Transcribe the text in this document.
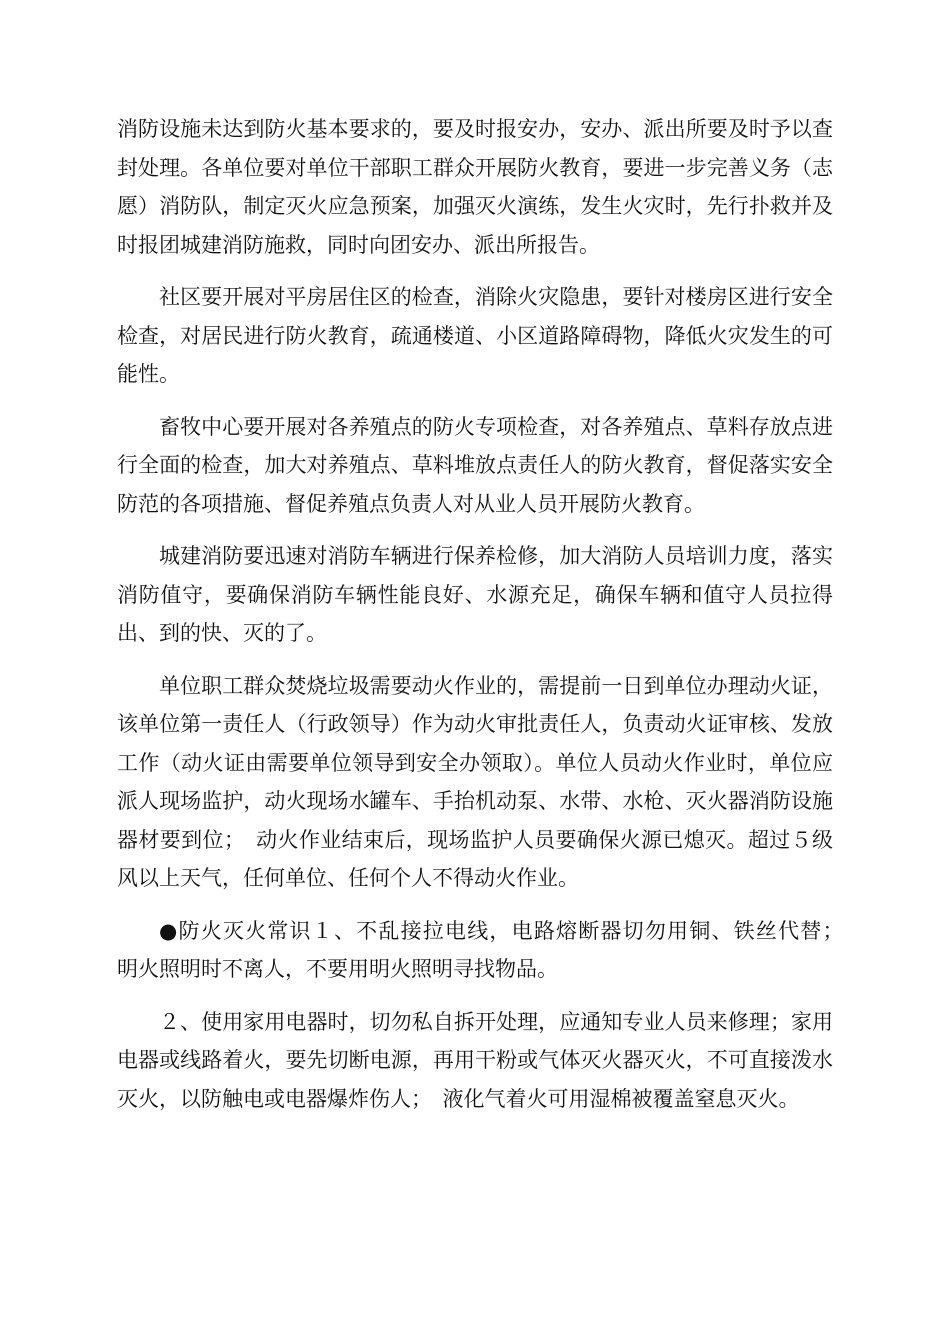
消防设施未达到防火基本要求的，要及时报安办，安办、派出所要及时予以查封处理。各单位要对单位干部职工群众开展防火教育，要进一步完善义务（志愿）消防队，制定灭火应急预案，加强灭火演练，发生火灾时，先行扑救并及时报团城建消防施救，同时向团安办、派出所报告。

社区要开展对平房居住区的检查，消除火灾隐患，要针对楼房区进行安全检查，对居民进行防火教育，疏通楼道、小区道路障碍物，降低火灾发生的可能性。

畜牧中心要开展对各养殖点的防火专项检查，对各养殖点、草料存放点进行全面的检查，加大对养殖点、草料堆放点责任人的防火教育，督促落实安全防范的各项措施、督促养殖点负责人对从业人员开展防火教育。

城建消防要迅速对消防车辆进行保养检修，加大消防人员培训力度，落实消防值守，要确保消防车辆性能良好、水源充足，确保车辆和值守人员拉得出、到的快、灭的了。

单位职工群众焚烧垃圾需要动火作业的，需提前一日到单位办理动火证，该单位第一责任人（行政领导）作为动火审批责任人，负责动火证审核、发放工作（动火证由需要单位领导到安全办领取）。单位人员动火作业时，单位应派人现场监护，动火现场水罐车、手抬机动泵、水带、水枪、灭火器消防设施器材要到位；　动火作业结束后，现场监护人员要确保火源已熄灭。超过５级风以上天气，任何单位、任何个人不得动火作业。

●防火灭火常识１、不乱接拉电线，电路熔断器切勿用铜、铁丝代替；　明火照明时不离人，不要用明火照明寻找物品。

２、使用家用电器时，切勿私自拆开处理，应通知专业人员来修理；家用电器或线路着火，要先切断电源，再用干粉或气体灭火器灭火，不可直接泼水灭火，以防触电或电器爆炸伤人；　液化气着火可用湿棉被覆盖窒息灭火。
